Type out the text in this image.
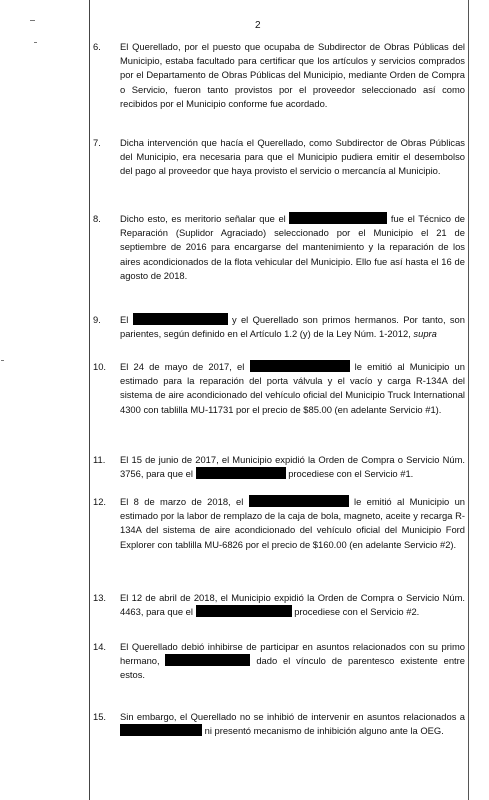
2
6. El Querellado, por el puesto que ocupaba de Subdirector de Obras Públicas del Municipio, estaba facultado para certificar que los artículos y servicios comprados por el Departamento de Obras Públicas del Municipio, mediante Orden de Compra o Servicio, fueron tanto provistos por el proveedor seleccionado así como recibidos por el Municipio conforme fue acordado.
7. Dicha intervención que hacía el Querellado, como Subdirector de Obras Públicas del Municipio, era necesaria para que el Municipio pudiera emitir el desembolso del pago al proveedor que haya provisto el servicio o mercancía al Municipio.
8. Dicho esto, es meritorio señalar que el	fue el Técnico de Reparación (Suplidor Agraciado) seleccionado por el Municipio el 21 de septiembre de 2016 para encargarse del mantenimiento y la reparación de los aires acondicionados de la flota vehicular del Municipio. Ello fue así hasta el 16 de agosto de 2018.
9. El	y el Querellado son primos hermanos. Por tanto, son parientes, según definido en el Artículo 1.2 (y) de la Ley Núm. 1-2012, supra
10. El 24 de mayo de 2017, el	le emitió al Municipio un estimado para la reparación del porta válvula y el vacío y carga R-134A del sistema de aire acondicionado del vehículo oficial del Municipio Truck International 4300 con tablilla MU-11731 por el precio de $85.00 (en adelante Servicio #1).
11. El 15 de junio de 2017, el Municipio expidió la Orden de Compra o Servicio Núm. 3756, para que el	procediese con el Servicio #1.
12. El 8 de marzo de 2018, el	le emitió al Municipio un estimado por la labor de remplazo de la caja de bola, magneto, aceite y recarga R-134A del sistema de aire acondicionado del vehículo oficial del Municipio Ford Explorer con tablilla MU-6826 por el precio de $160.00 (en adelante Servicio #2).
13. El 12 de abril de 2018, el Municipio expidió la Orden de Compra o Servicio Núm. 4463, para que el	procediese con el Servicio #2.
14. El Querellado debió inhibirse de participar en asuntos relacionados con su primo hermano,	dado el vínculo de parentesco existente entre estos.
15. Sin embargo, el Querellado no se inhibió de intervenir en asuntos relacionados a  ni presentó mecanismo de inhibición alguno ante la OEG.
